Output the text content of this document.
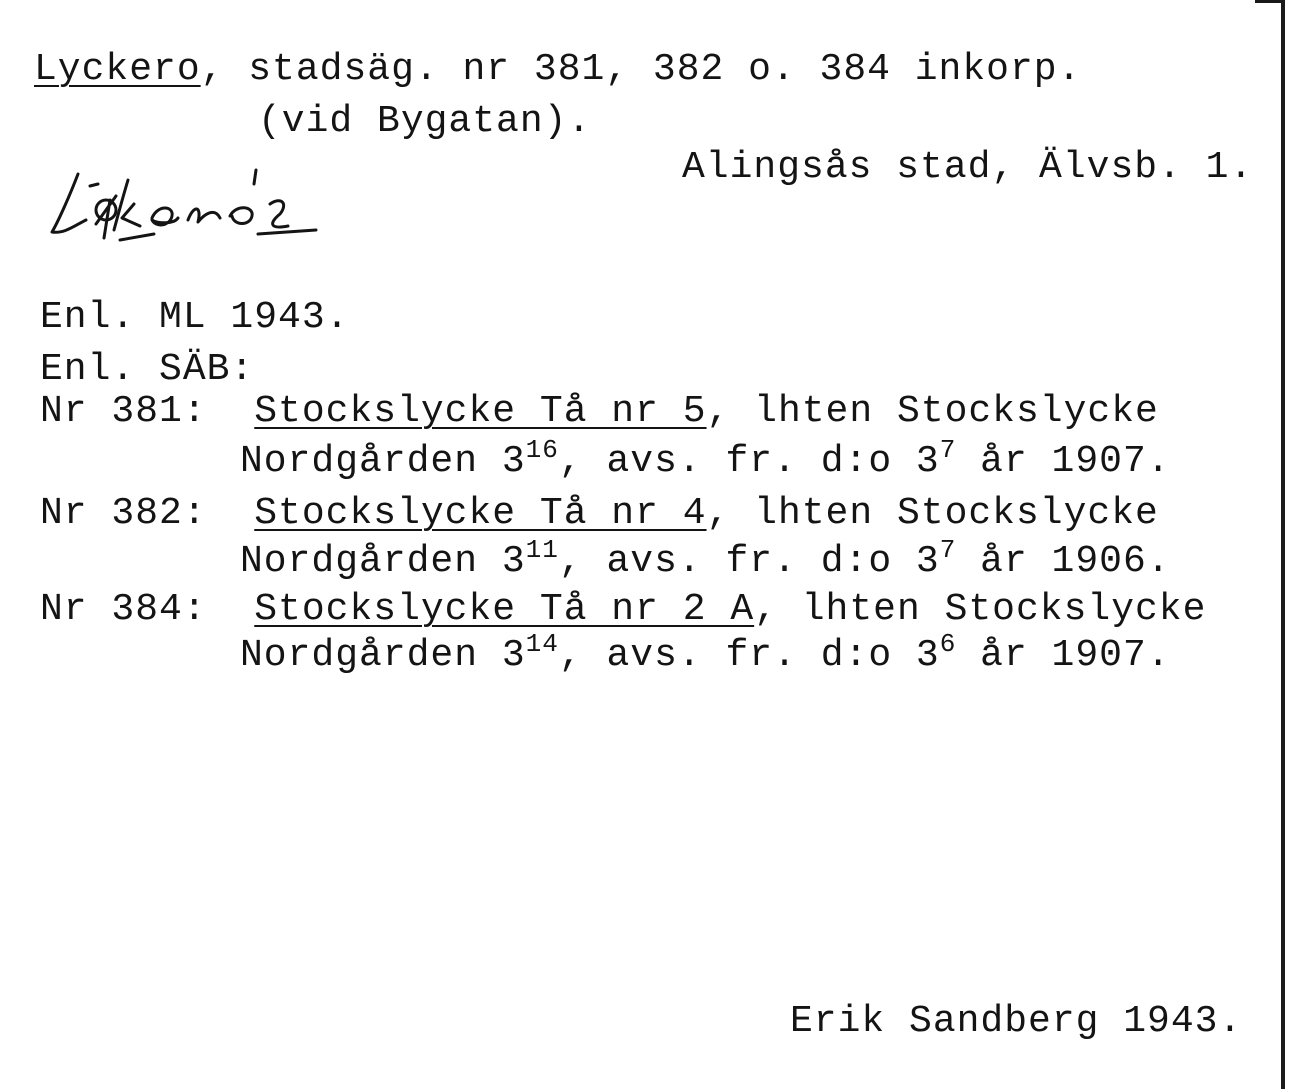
Lyckero, stadsäg. nr 381, 382 o. 384 inkorp.
(vid Bygatan).
Alingsås stad, Älvsb. 1.
Enl. ML 1943.
Enl. SÄB:
Nr 381: Stockslycke Tå nr 5, lhten Stockslycke
Nordgården $3^{16}$, avs. fr. d:o $3^7$ år 1907.
Nr 382: Stockslycke Tå nr 4, lhten Stockslycke
Nordgården $3^{11}$, avs. fr. d:o $3^7$ år 1906.
Nr 384: Stockslycke Tå nr 2 A, lhten Stockslycke
Nordgården $3^{14}$, avs. fr. d:o $3^6$ år 1907.
Erik Sandberg 1943.
